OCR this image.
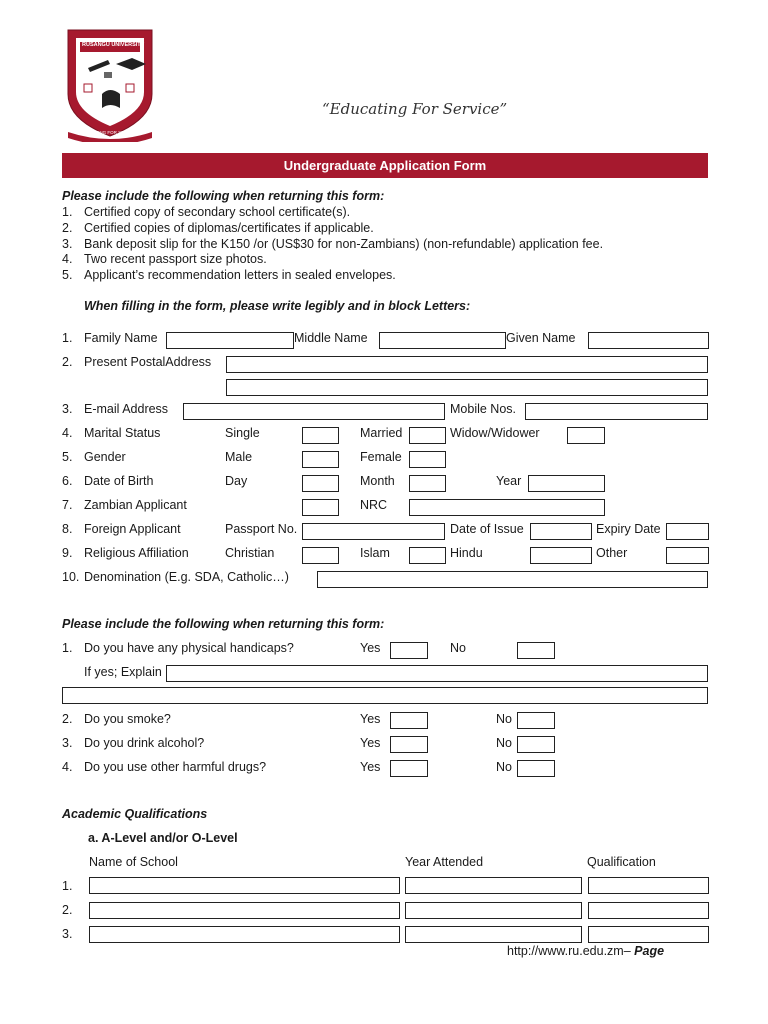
RUSANGU UNIVERSITY
EDUCATING FOR SERVICE
“Educating For Service”
Undergraduate Application Form
Please include the following when returning this form:
1. Certified copy of secondary school certificate(s).
2. Certified copies of diplomas/certificates if applicable.
3. Bank deposit slip for the K150 /or (US$30 for non-Zambians) (non-refundable) application fee.
4. Two recent passport size photos.
5. Applicant’s recommendation letters in sealed envelopes.
When filling in the form, please write legibly and in block Letters:
1. Family Name	Middle Name	Given Name
2. Present PostalAddress
3. E-mail Address	Mobile Nos.
4. Marital Status	Single	Married	Widow/Widower
5. Gender	Male	Female
6. Date of Birth	Day	Month	Year
7. Zambian Applicant	NRC
8. Foreign Applicant	Passport No.	Date of Issue	Expiry Date
9. Religious Affiliation	Christian	Islam	Hindu	Other
10. Denomination (E.g. SDA, Catholic…)
Please include the following when returning this form:
1. Do you have any physical handicaps?	Yes	No
If yes; Explain
2. Do you smoke?	Yes	No
3. Do you drink alcohol?	Yes	No
4. Do you use other harmful drugs?	Yes	No
Academic Qualifications
a. A-Level and/or O-Level
Name of School	Year Attended	Qualification
1.
2.
3.
http://www.ru.edu.zm– Page
